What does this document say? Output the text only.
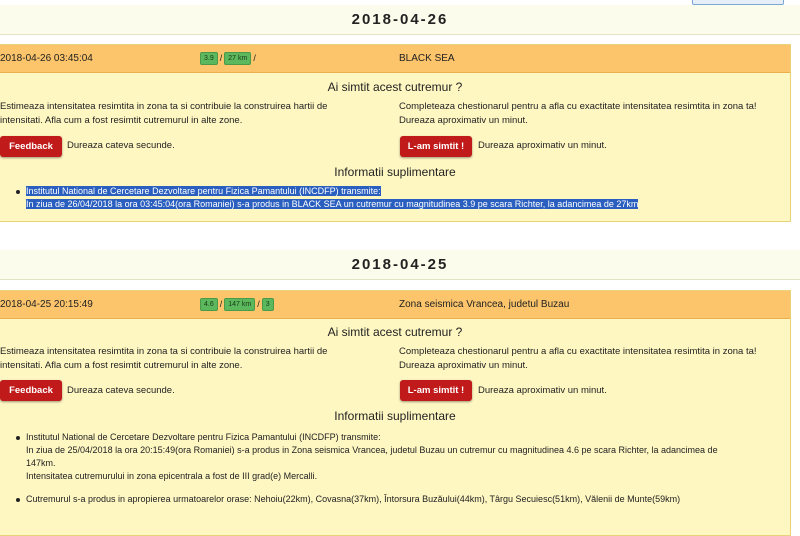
2018-04-26
2018-04-26 03:45:04	3.9 / 27 km /	BLACK SEA
Ai simtit acest cutremur ?
Estimeaza intensitatea resimtita in zona ta si contribuie la construirea hartii de
intensitati. Afla cum a fost resimtit cutremurul in alte zone.
Completeaza chestionarul pentru a afla cu exactitate intensitatea resimtita in zona ta!
Dureaza aproximativ un minut.
Feedback	Dureaza cateva secunde.	L-am simtit !	Dureaza aproximativ un minut.
Informatii suplimentare
Institutul National de Cercetare Dezvoltare pentru Fizica Pamantului (INCDFP) transmite:
In ziua de 26/04/2018 la ora 03:45:04(ora Romaniei) s-a produs in BLACK SEA un cutremur cu magnitudinea 3.9 pe scara Richter, la adancimea de 27km
2018-04-25
2018-04-25 20:15:49	4.6 / 147 km / 3	Zona seismica Vrancea, judetul Buzau
Ai simtit acest cutremur ?
Estimeaza intensitatea resimtita in zona ta si contribuie la construirea hartii de
intensitati. Afla cum a fost resimtit cutremurul in alte zone.
Completeaza chestionarul pentru a afla cu exactitate intensitatea resimtita in zona ta!
Dureaza aproximativ un minut.
Feedback	Dureaza cateva secunde.	L-am simtit !	Dureaza aproximativ un minut.
Informatii suplimentare
Institutul National de Cercetare Dezvoltare pentru Fizica Pamantului (INCDFP) transmite:
In ziua de 25/04/2018 la ora 20:15:49(ora Romaniei) s-a produs in Zona seismica Vrancea, judetul Buzau un cutremur cu magnitudinea 4.6 pe scara Richter, la adancimea de
147km.
Intensitatea cutremurului in zona epicentrala a fost de III grad(e) Mercalli.
Cutremurul s-a produs in apropierea urmatoarelor orase: Nehoiu(22km), Covasna(37km), Întorsura Buzăului(44km), Târgu Secuiesc(51km), Vălenii de Munte(59km)
